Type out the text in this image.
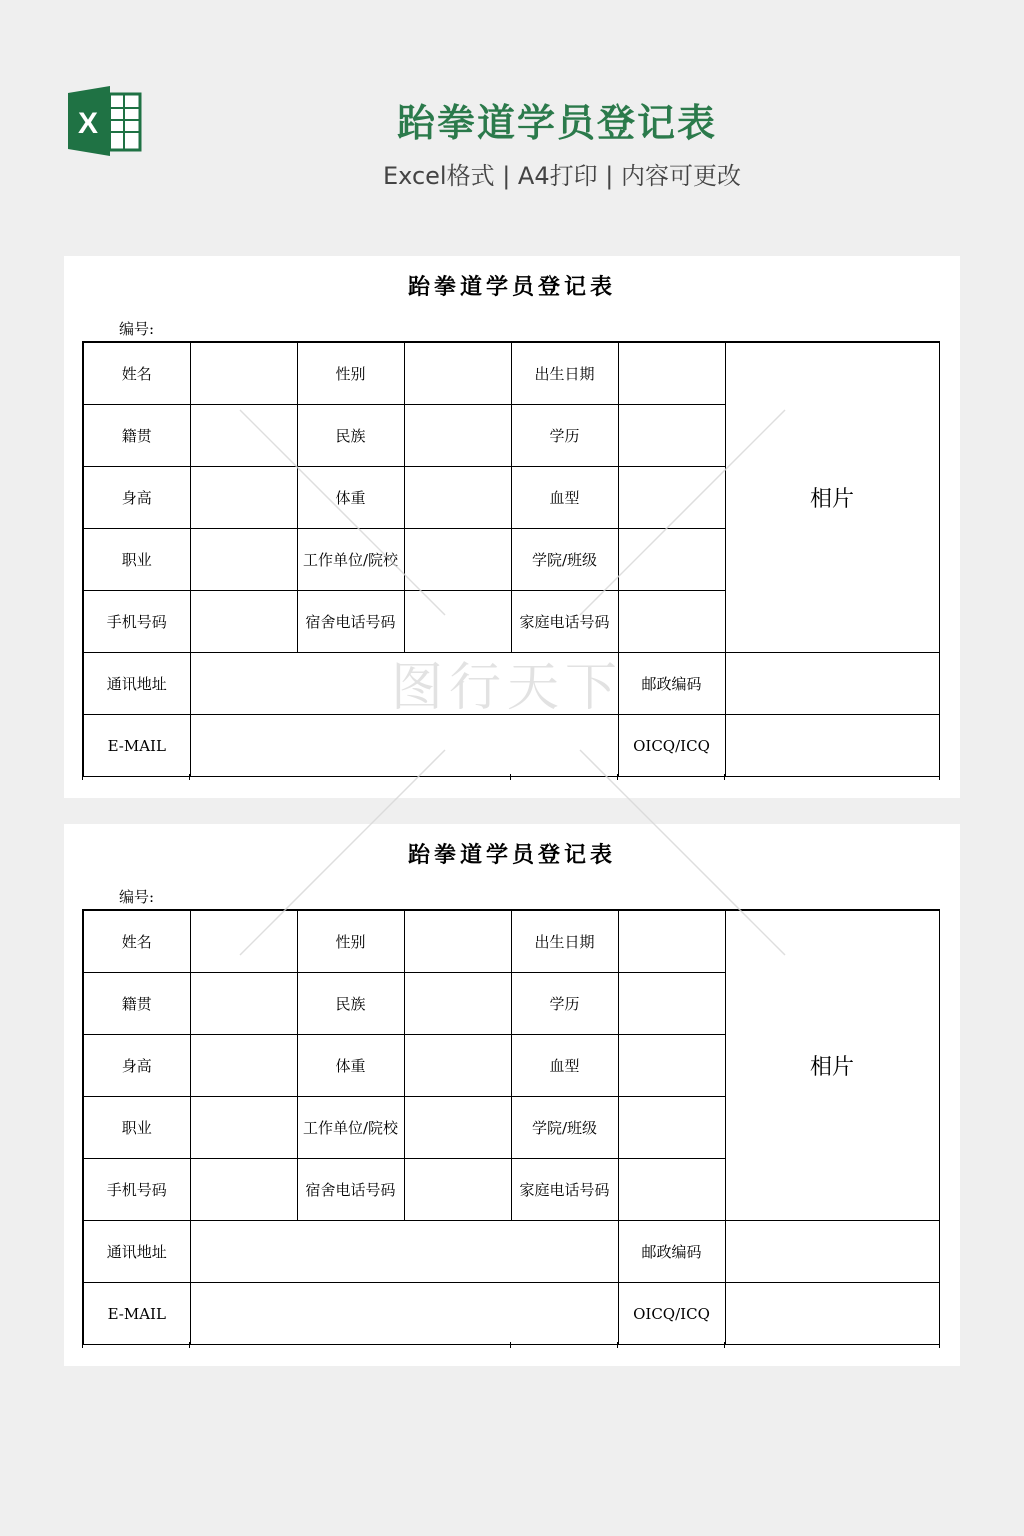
X	跆拳道学员登记表
Excel格式 | A4打印 | 内容可更改
跆拳道学员登记表
编号:
姓名		性别		出生日期		相片
籍贯		民族		学历		
身高		体重		血型		
职业		工作单位/院校		学院/班级		
手机号码		宿舍电话号码		家庭电话号码		
通讯地址					邮政编码	
E-MAIL					OICQ/ICQ	
跆拳道学员登记表
编号:
姓名		性别		出生日期		相片
籍贯		民族		学历		
身高		体重		血型		
职业		工作单位/院校		学院/班级		
手机号码		宿舍电话号码		家庭电话号码		
通讯地址					邮政编码	
E-MAIL					OICQ/ICQ	
图行天下
